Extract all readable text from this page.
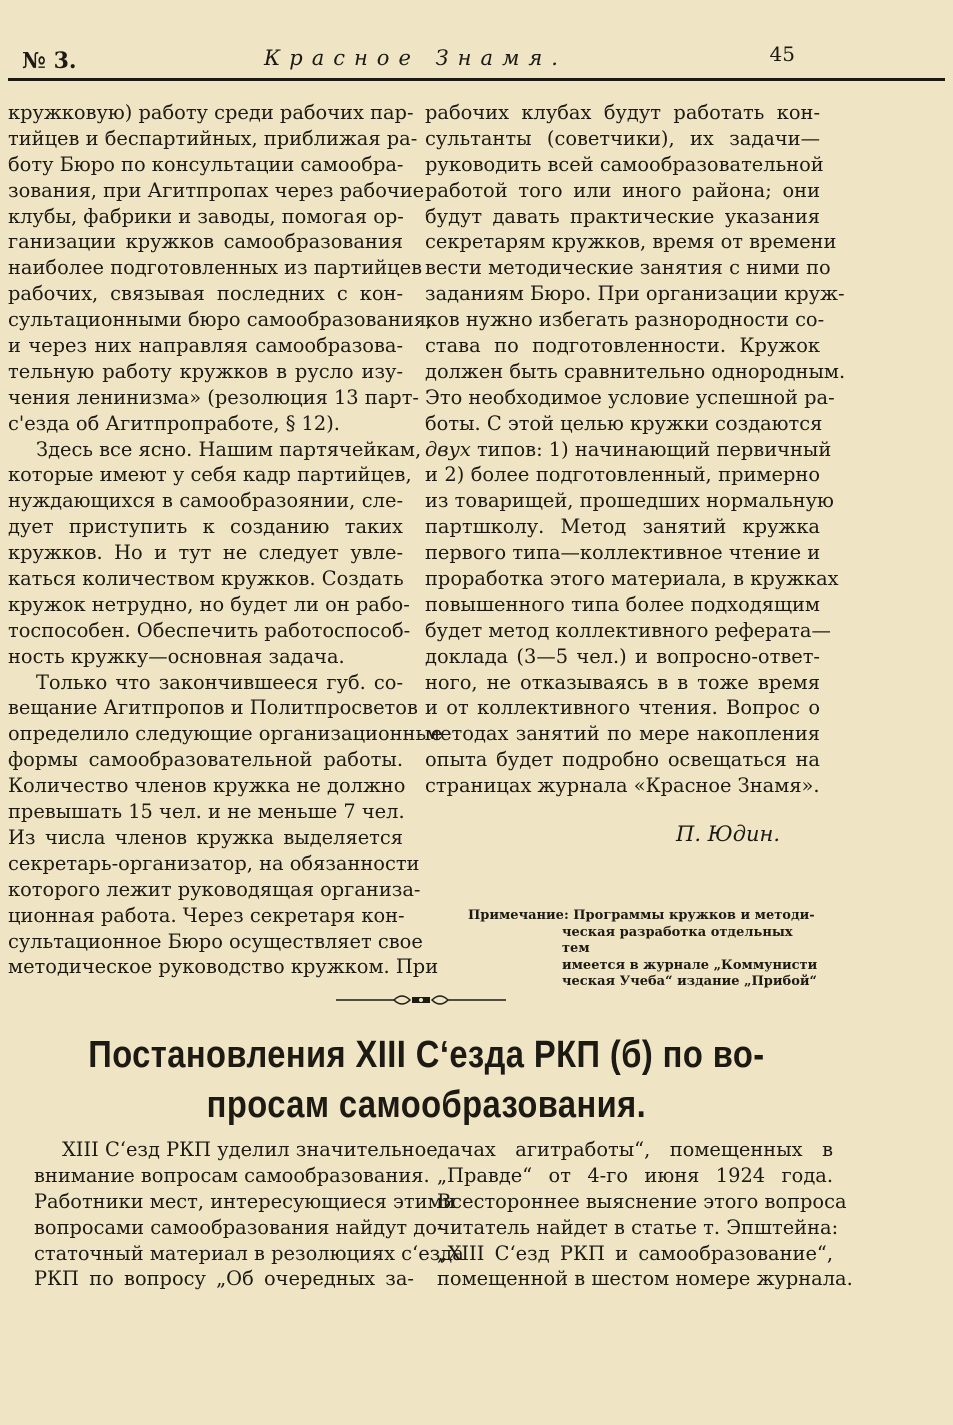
№ 3.	Красное Знамя.	45
кружковую) работу среди рабочих пар-
тийцев и беспартийных, приближая ра-
боту Бюро по консультации самообра-
зования, при Агитпропах через рабочие
клубы, фабрики и заводы, помогая ор-
ганизации кружков самообразования
наиболее подготовленных из партийцев
рабочих, связывая последних с кон-
сультационными бюро самообразования,
и через них направляя самообразова-
тельную работу кружков в русло изу-
чения ленинизма» (резолюция 13 парт-
с'езда об Агитпропработе, § 12).
Здесь все ясно. Нашим партячейкам,
которые имеют у себя кадр партийцев,
нуждающихся в самообразоянии, сле-
дует приступить к созданию таких
кружков. Но и тут не следует увле-
каться количеством кружков. Создать
кружок нетрудно, но будет ли он рабо-
тоспособен. Обеспечить работоспособ-
ность кружку—основная задача.
Только что закончившееся губ. со-
вещание Агитпропов и Политпросветов
определило следующие организационные
формы самообразовательной работы.
Количество членов кружка не должно
превышать 15 чел. и не меньше 7 чел.
Из числа членов кружка выделяется
секретарь-организатор, на обязанности
которого лежит руководящая организа-
ционная работа. Через секретаря кон-
сультационное Бюро осуществляет свое
методическое руководство кружком. При
рабочих клубах будут работать кон-
сультанты (советчики), их задачи—
руководить всей самообразовательной
работой того или иного района; они
будут давать практические указания
секретарям кружков, время от времени
вести методические занятия с ними по
заданиям Бюро. При организации круж-
ков нужно избегать разнородности со-
става по подготовленности. Кружок
должен быть сравнительно однородным.
Это необходимое условие успешной ра-
боты. С этой целью кружки создаются
двух типов: 1) начинающий первичный
и 2) более подготовленный, примерно
из товарищей, прошедших нормальную
партшколу. Метод занятий кружка
первого типа—коллективное чтение и
проработка этого материала, в кружках
повышенного типа более подходящим
будет метод коллективного реферата—
доклада (3—5 чел.) и вопросно-ответ-
ного, не отказываясь в в тоже время
и от коллективного чтения. Вопрос о
методах занятий по мере накопления
опыта будет подробно освещаться на
страницах журнала «Красное Знамя».
П. Юдин.
Примечание: Программы кружков и методи-

ческая разработка отдельных тем
имеется в журнале „Коммунисти
ческая Учеба“ издание „Прибой“
Постановления XIII С‘езда РКП (б) по во-
просам самообразования.
XIII С‘езд РКП уделил значительное
внимание вопросам самообразования.
Работники мест, интересующиеся этими
вопросами самообразования найдут до-
статочный материал в резолюциях с‘езда
РКП по вопросу „Об очередных за-
дачах агитработы“, помещенных в
„Правде“ от 4-го июня 1924 года.
Всестороннее выяснение этого вопроса
читатель найдет в статье т. Эпштейна:
„XIII С‘езд РКП и самообразование“,
помещенной в шестом номере журнала.
